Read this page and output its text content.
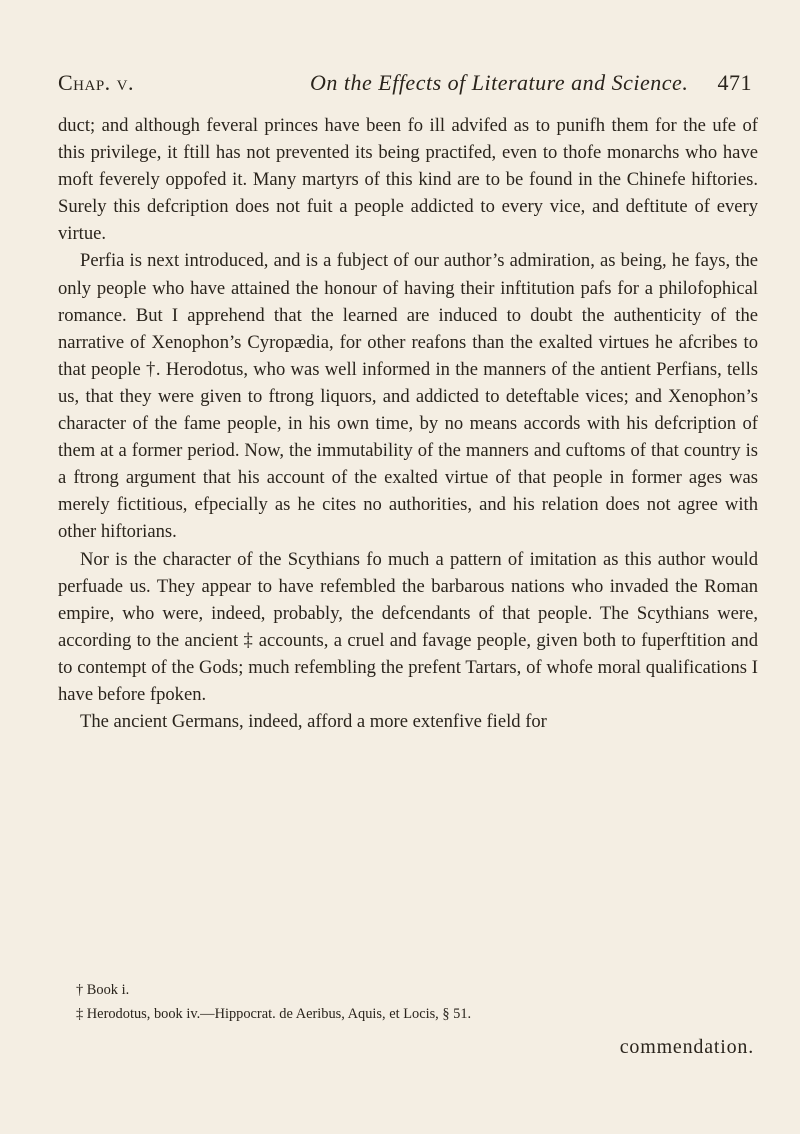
Chap. v.	On the Effects of Literature and Science. 471

duct; and although feveral princes have been fo ill advifed as to punifh them for the ufe of this privilege, it ftill has not prevented its being practifed, even to thofe monarchs who have moft feverely oppofed it. Many martyrs of this kind are to be found in the Chinefe hiftories. Surely this defcription does not fuit a people addicted to every vice, and deftitute of every virtue.

Perfia is next introduced, and is a fubject of our author’s admiration, as being, he fays, the only people who have attained the honour of having their inftitution pafs for a philofophical romance. But I apprehend that the learned are induced to doubt the authenticity of the narrative of Xenophon’s Cyropædia, for other reafons than the exalted virtues he afcribes to that people †. Herodotus, who was well informed in the manners of the antient Perfians, tells us, that they were given to ftrong liquors, and addicted to deteftable vices; and Xenophon’s character of the fame people, in his own time, by no means accords with his defcription of them at a former period. Now, the immutability of the manners and cuftoms of that country is a ftrong argument that his account of the exalted virtue of that people in former ages was merely fictitious, efpecially as he cites no authorities, and his relation does not agree with other hiftorians.

Nor is the character of the Scythians fo much a pattern of imitation as this author would perfuade us. They appear to have refembled the barbarous nations who invaded the Roman empire, who were, indeed, probably, the defcendants of that people. The Scythians were, according to the ancient ‡ accounts, a cruel and favage people, given both to fuperftition and to contempt of the Gods; much refembling the prefent Tartars, of whofe moral qualifications I have before fpoken.

The ancient Germans, indeed, afford a more extenfive field for

† Book i.

‡ Herodotus, book iv.—Hippocrat. de Aeribus, Aquis, et Locis, § 51.

commendation.
